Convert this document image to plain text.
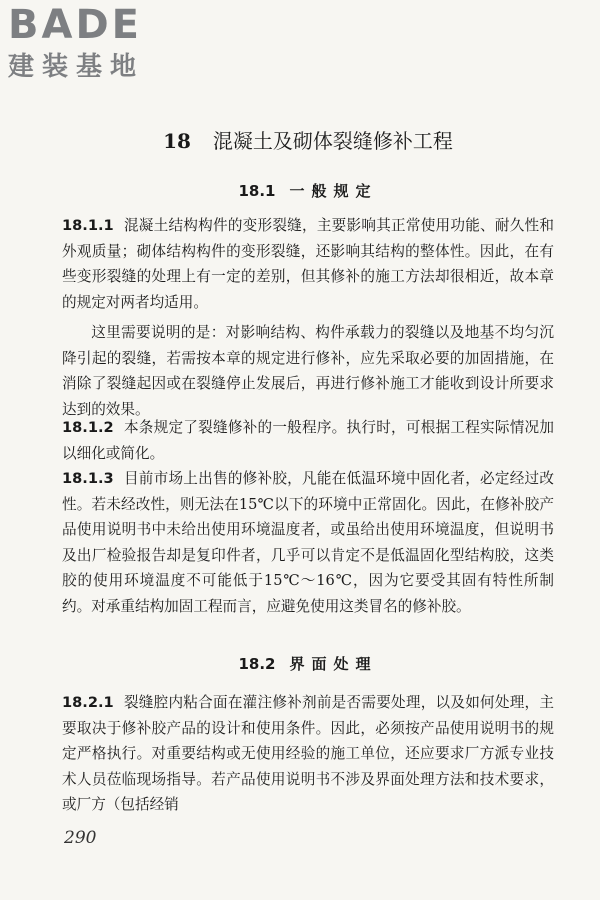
BADE
建装基地
18 混凝土及砌体裂缝修补工程
18.1 一般规定

18.1.1 混凝土结构构件的变形裂缝，主要影响其正常使用功能、耐久性和外观质量；砌体结构构件的变形裂缝，还影响其结构的整体性。因此，在有些变形裂缝的处理上有一定的差别，但其修补的施工方法却很相近，故本章的规定对两者均适用。

这里需要说明的是：对影响结构、构件承载力的裂缝以及地基不均匀沉降引起的裂缝，若需按本章的规定进行修补，应先采取必要的加固措施，在消除了裂缝起因或在裂缝停止发展后，再进行修补施工才能收到设计所要求达到的效果。

18.1.2 本条规定了裂缝修补的一般程序。执行时，可根据工程实际情况加以细化或简化。

18.1.3 目前市场上出售的修补胶，凡能在低温环境中固化者，必定经过改性。若未经改性，则无法在15℃以下的环境中正常固化。因此，在修补胶产品使用说明书中未给出使用环境温度者，或虽给出使用环境温度，但说明书及出厂检验报告却是复印件者，几乎可以肯定不是低温固化型结构胶，这类胶的使用环境温度不可能低于15℃～16℃，因为它要受其固有特性所制约。对承重结构加固工程而言，应避免使用这类冒名的修补胶。

18.2 界面处理

18.2.1 裂缝腔内粘合面在灌注修补剂前是否需要处理，以及如何处理，主要取决于修补胶产品的设计和使用条件。因此，必须按产品使用说明书的规定严格执行。对重要结构或无使用经验的施工单位，还应要求厂方派专业技术人员莅临现场指导。若产品使用说明书不涉及界面处理方法和技术要求，或厂方（包括经销

290
